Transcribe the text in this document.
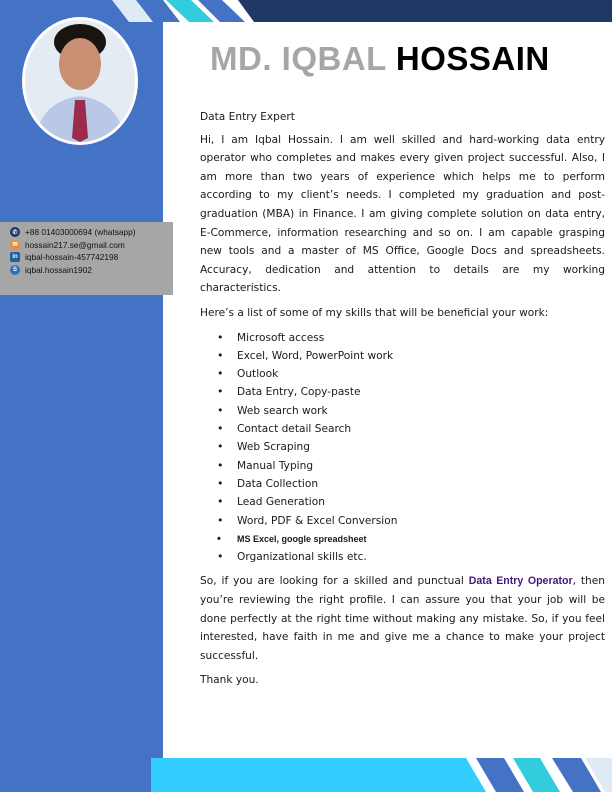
✆ +88 01403000694 (whatsapp)
✉ hossain217.se@gmail.com
in iqbal-hossain-457742198
S iqbal.hossain1902
MD. IQBAL HOSSAIN

Data Entry Expert

Hi, I am Iqbal Hossain. I am well skilled and hard-working data entry operator who completes and makes every given project successful. Also, I am more than two years of experience which helps me to perform according to my client’s needs. I completed my graduation and post-graduation (MBA) in Finance. I am giving complete solution on data entry, E-Commerce, information researching and so on. I am capable grasping new tools and a master of MS Office, Google Docs and spreadsheets. Accuracy, dedication and attention to details are my working characteristics.

Here’s a list of some of my skills that will be beneficial your work:

• Microsoft access
• Excel, Word, PowerPoint work
• Outlook
• Data Entry, Copy-paste
• Web search work
• Contact detail Search
• Web Scraping
• Manual Typing
• Data Collection
• Lead Generation
• Word, PDF & Excel Conversion
• MS Excel, google spreadsheet
• Organizational skills etc.

So, if you are looking for a skilled and punctual Data Entry Operator, then you’re reviewing the right profile. I can assure you that your job will be done perfectly at the right time without making any mistake. So, if you feel interested, have faith in me and give me a chance to make your project successful.

Thank you.
